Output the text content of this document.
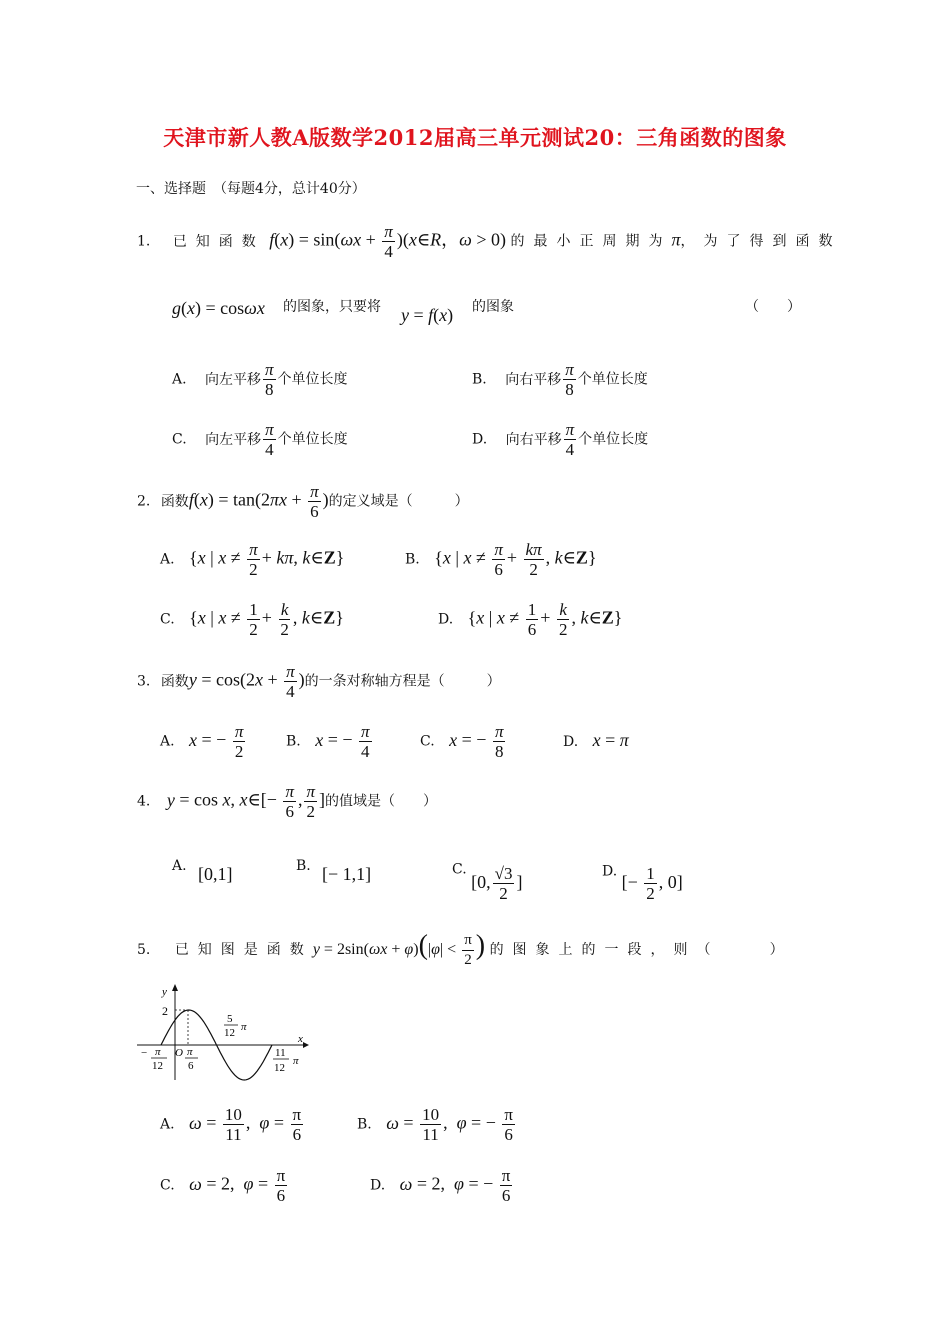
天津市新人教A版数学2012届高三单元测试20：三角函数的图象
一、选择题　（每题4分，总计40分）
1. 已知函数 $f(x) = \sin(\omega x + \frac{\pi}{4}$ )(x∈R，ω > 0) 的最小正周期为π，为了得到函数
g(x) = cosωx 的图象，只要将 y = f(x) 的图象	（　　）
A. 向左平移 $\frac{\pi}{8}$ 个单位长度	B. 向右平移 $\frac{\pi}{8}$ 个单位长度
C. 向左平移 $\frac{\pi}{4}$ 个单位长度	D. 向右平移 $\frac{\pi}{4}$ 个单位长度
2. 函数$f(x) = \tan(2\pi x + \frac{\pi}{6}$ )的定义域是（　　　）
A. {x | $x \ne \frac{\pi}{2} + k\pi$, k∈Z}	B. {x | $x \ne \frac{\pi}{6} + \frac{k\pi}{2}$ , k∈Z}
C. {x | $x \ne \frac{1}{2} + \frac{k}{2}$ , k∈Z}	D. {x | $x \ne \frac{1}{6} + \frac{k}{2}$ , k∈Z}
3. 函数$y = \cos(2x + \frac{\pi}{4}$ )的一条对称轴方程是（　　　）
A. x = − $\frac{\pi}{2}$	B. x = − $\frac{\pi}{4}$	C. x = − $\frac{\pi}{8}$	D. x = π
4. y = cos x, x∈[− $\frac{\pi}{6}$ , $\frac{\pi}{2}$ ]的值域是（　　）
A. [0,1]	B. [− 1,1]	C. [0, $\frac{√3}{2}$ ]	D. [− $\frac{1}{2}$ , 0]
5. 已知图是函数$y = 2\sin(\omega x + \varphi)(|\varphi| < \frac{\pi}{2}$ ) 的图象上的一段，则（	）
y
x
2
O
5
12 π
− π
12
π
6
11
12
π
A. $\omega = \frac{10}{11}$ ,  $\varphi = \frac{\pi}{6}$	B. $\omega = \frac{10}{11}$ ,  φ = − $\frac{\pi}{6}$
C. ω = 2,  $\varphi = \frac{\pi}{6}$	D. ω = 2,  φ = − $\frac{\pi}{6}$
